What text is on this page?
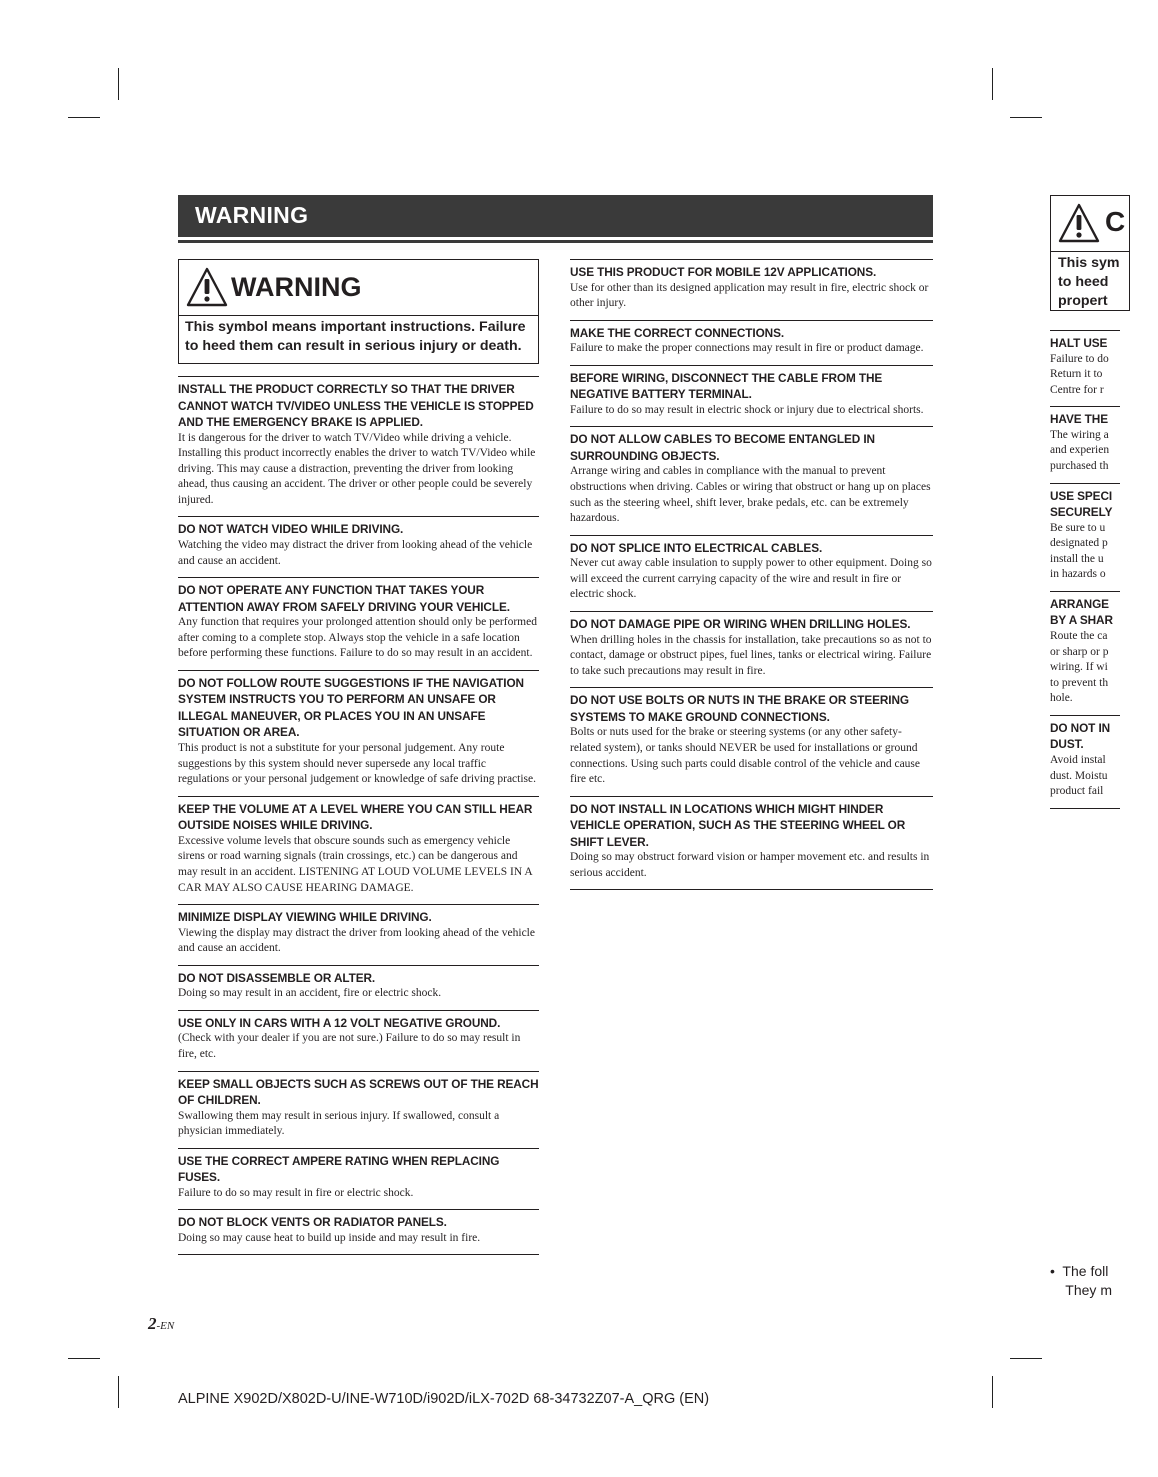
WARNING
WARNING
This symbol means important instructions. Failure to heed them can result in serious injury or death.
INSTALL THE PRODUCT CORRECTLY SO THAT THE DRIVER CANNOT WATCH TV/VIDEO UNLESS THE VEHICLE IS STOPPED AND THE EMERGENCY BRAKE IS APPLIED.

It is dangerous for the driver to watch TV/Video while driving a vehicle. Installing this product incorrectly enables the driver to watch TV/Video while driving. This may cause a distraction, preventing the driver from looking ahead, thus causing an accident. The driver or other people could be severely injured.

DO NOT WATCH VIDEO WHILE DRIVING.

Watching the video may distract the driver from looking ahead of the vehicle and cause an accident.

DO NOT OPERATE ANY FUNCTION THAT TAKES YOUR ATTENTION AWAY FROM SAFELY DRIVING YOUR VEHICLE.

Any function that requires your prolonged attention should only be performed after coming to a complete stop. Always stop the vehicle in a safe location before performing these functions. Failure to do so may result in an accident.

DO NOT FOLLOW ROUTE SUGGESTIONS IF THE NAVIGATION SYSTEM INSTRUCTS YOU TO PERFORM AN UNSAFE OR ILLEGAL MANEUVER, OR PLACES YOU IN AN UNSAFE SITUATION OR AREA.

This product is not a substitute for your personal judgement. Any route suggestions by this system should never supersede any local traffic regulations or your personal judgement or knowledge of safe driving practise.

KEEP THE VOLUME AT A LEVEL WHERE YOU CAN STILL HEAR OUTSIDE NOISES WHILE DRIVING.

Excessive volume levels that obscure sounds such as emergency vehicle sirens or road warning signals (train crossings, etc.) can be dangerous and may result in an accident. LISTENING AT LOUD VOLUME LEVELS IN A CAR MAY ALSO CAUSE HEARING DAMAGE.

MINIMIZE DISPLAY VIEWING WHILE DRIVING.

Viewing the display may distract the driver from looking ahead of the vehicle and cause an accident.

DO NOT DISASSEMBLE OR ALTER.

Doing so may result in an accident, fire or electric shock.

USE ONLY IN CARS WITH A 12 VOLT NEGATIVE GROUND.

(Check with your dealer if you are not sure.) Failure to do so may result in fire, etc.

KEEP SMALL OBJECTS SUCH AS SCREWS OUT OF THE REACH OF CHILDREN.

Swallowing them may result in serious injury. If swallowed, consult a physician immediately.

USE THE CORRECT AMPERE RATING WHEN REPLACING FUSES.

Failure to do so may result in fire or electric shock.

DO NOT BLOCK VENTS OR RADIATOR PANELS.

Doing so may cause heat to build up inside and may result in fire.

USE THIS PRODUCT FOR MOBILE 12V APPLICATIONS.

Use for other than its designed application may result in fire, electric shock or other injury.

MAKE THE CORRECT CONNECTIONS.

Failure to make the proper connections may result in fire or product damage.

BEFORE WIRING, DISCONNECT THE CABLE FROM THE NEGATIVE BATTERY TERMINAL.

Failure to do so may result in electric shock or injury due to electrical shorts.

DO NOT ALLOW CABLES TO BECOME ENTANGLED IN SURROUNDING OBJECTS.

Arrange wiring and cables in compliance with the manual to prevent obstructions when driving. Cables or wiring that obstruct or hang up on places such as the steering wheel, shift lever, brake pedals, etc. can be extremely hazardous.

DO NOT SPLICE INTO ELECTRICAL CABLES.

Never cut away cable insulation to supply power to other equipment. Doing so will exceed the current carrying capacity of the wire and result in fire or electric shock.

DO NOT DAMAGE PIPE OR WIRING WHEN DRILLING HOLES.

When drilling holes in the chassis for installation, take precautions so as not to contact, damage or obstruct pipes, fuel lines, tanks or electrical wiring. Failure to take such precautions may result in fire.

DO NOT USE BOLTS OR NUTS IN THE BRAKE OR STEERING SYSTEMS TO MAKE GROUND CONNECTIONS.

Bolts or nuts used for the brake or steering systems (or any other safety-related system), or tanks should NEVER be used for installations or ground connections. Using such parts could disable control of the vehicle and cause fire etc.

DO NOT INSTALL IN LOCATIONS WHICH MIGHT HINDER VEHICLE OPERATION, SUCH AS THE STEERING WHEEL OR SHIFT LEVER.

Doing so may obstruct forward vision or hamper movement etc. and results in serious accident.

C
This sym
to heed
propert
HALT USE

Failure to do

Return it to

Centre for r

HAVE THE

The wiring a

and experien

purchased th

USE SPECI
SECURELY

Be sure to u

designated p

install the u

in hazards o

ARRANGE
BY A SHAR

Route the ca

or sharp or p

wiring. If wi

to prevent th

hole.

DO NOT IN
DUST.

Avoid instal

dust. Moistu

product fail

•  The foll
They m
2-EN
ALPINE X902D/X802D-U/INE-W710D/i902D/iLX-702D 68-34732Z07-A_QRG (EN)
